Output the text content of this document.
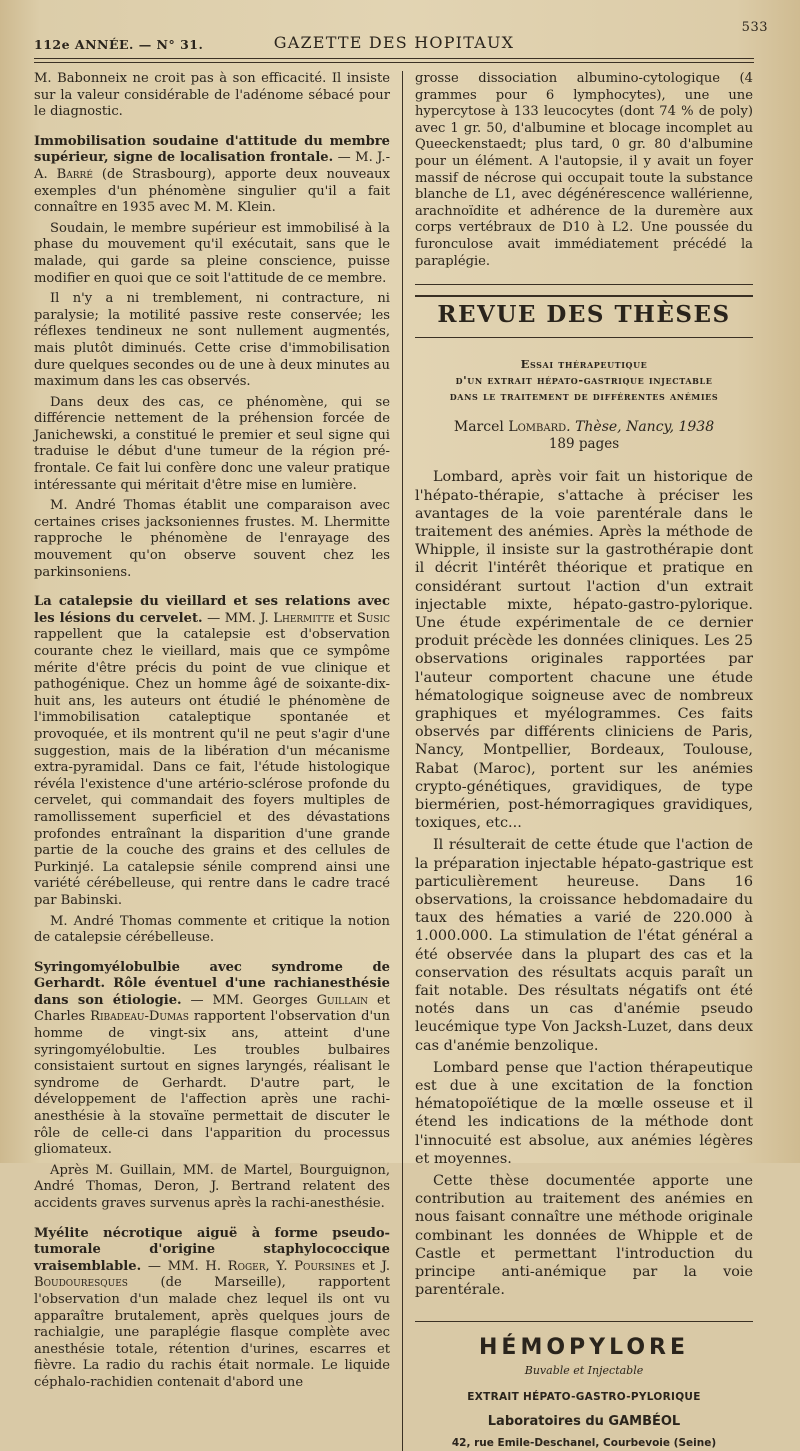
112e ANNÉE. — N° 31.	GAZETTE DES HOPITAUX
533

M. Babonneix ne croit pas à son efficacité. Il insiste sur la valeur considérable de l'adénome sébacé pour le diagnostic.

Immobilisation soudaine d'attitude du membre supérieur, signe de localisation frontale. — M. J.-A. Barré (de Strasbourg), apporte deux nouveaux exemples d'un phénomène singulier qu'il a fait connaître en 1935 avec M. M. Klein.

Soudain, le membre supérieur est immobilisé à la phase du mouvement qu'il exécutait, sans que le malade, qui garde sa pleine conscience, puisse modifier en quoi que ce soit l'attitude de ce membre.

Il n'y a ni tremblement, ni contracture, ni paralysie; la motilité passive reste conservée; les réflexes tendineux ne sont nullement augmentés, mais plutôt diminués. Cette crise d'immobilisation dure quelques secondes ou de une à deux minutes au maximum dans les cas observés.

Dans deux des cas, ce phénomène, qui se différencie nettement de la préhension forcée de Janichewski, a constitué le premier et seul signe qui traduise le début d'une tumeur de la région pré-frontale. Ce fait lui confère donc une valeur pratique intéressante qui méritait d'être mise en lumière.

M. André Thomas établit une comparaison avec certaines crises jacksoniennes frustes. M. Lhermitte rapproche le phénomène de l'enrayage des mouvement qu'on observe souvent chez les parkinsoniens.

La catalepsie du vieillard et ses relations avec les lésions du cervelet. — MM. J. Lhermitte et Susic rappellent que la catalepsie est d'observation courante chez le vieillard, mais que ce sympôme mérite d'être précis du point de vue clinique et pathogénique. Chez un homme âgé de soixante-dix-huit ans, les auteurs ont étudié le phénomène de l'immobilisation cataleptique spontanée et provoquée, et ils montrent qu'il ne peut s'agir d'une suggestion, mais de la libération d'un mécanisme extra-pyramidal. Dans ce fait, l'étude histologique révéla l'existence d'une artério-sclérose profonde du cervelet, qui commandait des foyers multiples de ramollissement superficiel et des dévastations profondes entraînant la disparition d'une grande partie de la couche des grains et des cellules de Purkinjé. La catalepsie sénile comprend ainsi une variété cérébelleuse, qui rentre dans le cadre tracé par Babinski.

M. André Thomas commente et critique la notion de catalepsie cérébelleuse.

Syringomyélobulbie avec syndrome de Gerhardt. Rôle éventuel d'une rachianesthésie dans son étiologie. — MM. Georges Guillain et Charles Ribadeau-Dumas rapportent l'observation d'un homme de vingt-six ans, atteint d'une syringomyélobultie. Les troubles bulbaires consistaient surtout en signes laryngés, réalisant le syndrome de Gerhardt. D'autre part, le développement de l'affection après une rachi-anesthésie à la stovaïne permettait de discuter le rôle de celle-ci dans l'apparition du processus gliomateux.

Après M. Guillain, MM. de Martel, Bourguignon, André Thomas, Deron, J. Bertrand relatent des accidents graves survenus après la rachi-anesthésie.

Myélite nécrotique aiguë à forme pseudo-tumorale d'origine staphylococcique vraisemblable. — MM. H. Roger, Y. Poursines et J. Boudouresques (de Marseille), rapportent l'observation d'un malade chez lequel ils ont vu apparaître brutalement, après quelques jours de rachialgie, une paraplégie flasque complète avec anesthésie totale, rétention d'urines, escarres et fièvre. La radio du rachis était normale. Le liquide céphalo-rachidien contenait d'abord une

grosse dissociation albumino-cytologique (4 grammes pour 6 lymphocytes), une une hypercytose à 133 leucocytes (dont 74 % de poly) avec 1 gr. 50, d'albumine et blocage incomplet au Queeckenstaedt; plus tard, 0 gr. 80 d'albumine pour un élément. A l'autopsie, il y avait un foyer massif de nécrose qui occupait toute la substance blanche de L1, avec dégénérescence wallérienne, arachnoïdite et adhérence de la duremère aux corps vertébraux de D10 à L2. Une poussée du furonculose avait immédiatement précédé la paraplégie.

REVUE DES THÈSES
Essai thérapeutique
d'un extrait hépato-gastrique injectable
dans le traitement de différentes anémies
Marcel Lombard. Thèse, Nancy, 1938
189 pages

Lombard, après voir fait un historique de l'hépato-thérapie, s'attache à préciser les avantages de la voie parentérale dans le traitement des anémies. Après la méthode de Whipple, il insiste sur la gastrothérapie dont il décrit l'intérêt théorique et pratique en considérant surtout l'action d'un extrait injectable mixte, hépato-gastro-pylorique. Une étude expérimentale de ce dernier produit précède les données cliniques. Les 25 observations originales rapportées par l'auteur comportent chacune une étude hématologique soigneuse avec de nombreux graphiques et myélogrammes. Ces faits observés par différents cliniciens de Paris, Nancy, Montpellier, Bordeaux, Toulouse, Rabat (Maroc), portent sur les anémies crypto-génétiques, gravidiques, de type biermérien, post-hémorragiques gravidiques, toxiques, etc...

Il résulterait de cette étude que l'action de la préparation injectable hépato-gastrique est particulièrement heureuse. Dans 16 observations, la croissance hebdomadaire du taux des hématies a varié de 220.000 à 1.000.000. La stimulation de l'état général a été observée dans la plupart des cas et la conservation des résultats acquis paraît un fait notable. Des résultats négatifs ont été notés dans un cas d'anémie pseudo leucémique type Von Jacksh-Luzet, dans deux cas d'anémie benzolique.

Lombard pense que l'action thérapeutique est due à une excitation de la fonction hématopoïétique de la mœlle osseuse et il étend les indications de la méthode dont l'innocuité est absolue, aux anémies légères et moyennes.

Cette thèse documentée apporte une contribution au traitement des anémies en nous faisant connaître une méthode originale combinant les données de Whipple et de Castle et permettant l'introduction du principe anti-anémique par la voie parentérale.

HÉMOPYLORE
Buvable et Injectable
EXTRAIT HÉPATO-GASTRO-PYLORIQUE
Laboratoires du GAMBÉOL
42, rue Emile-Deschanel, Courbevoie (Seine)
